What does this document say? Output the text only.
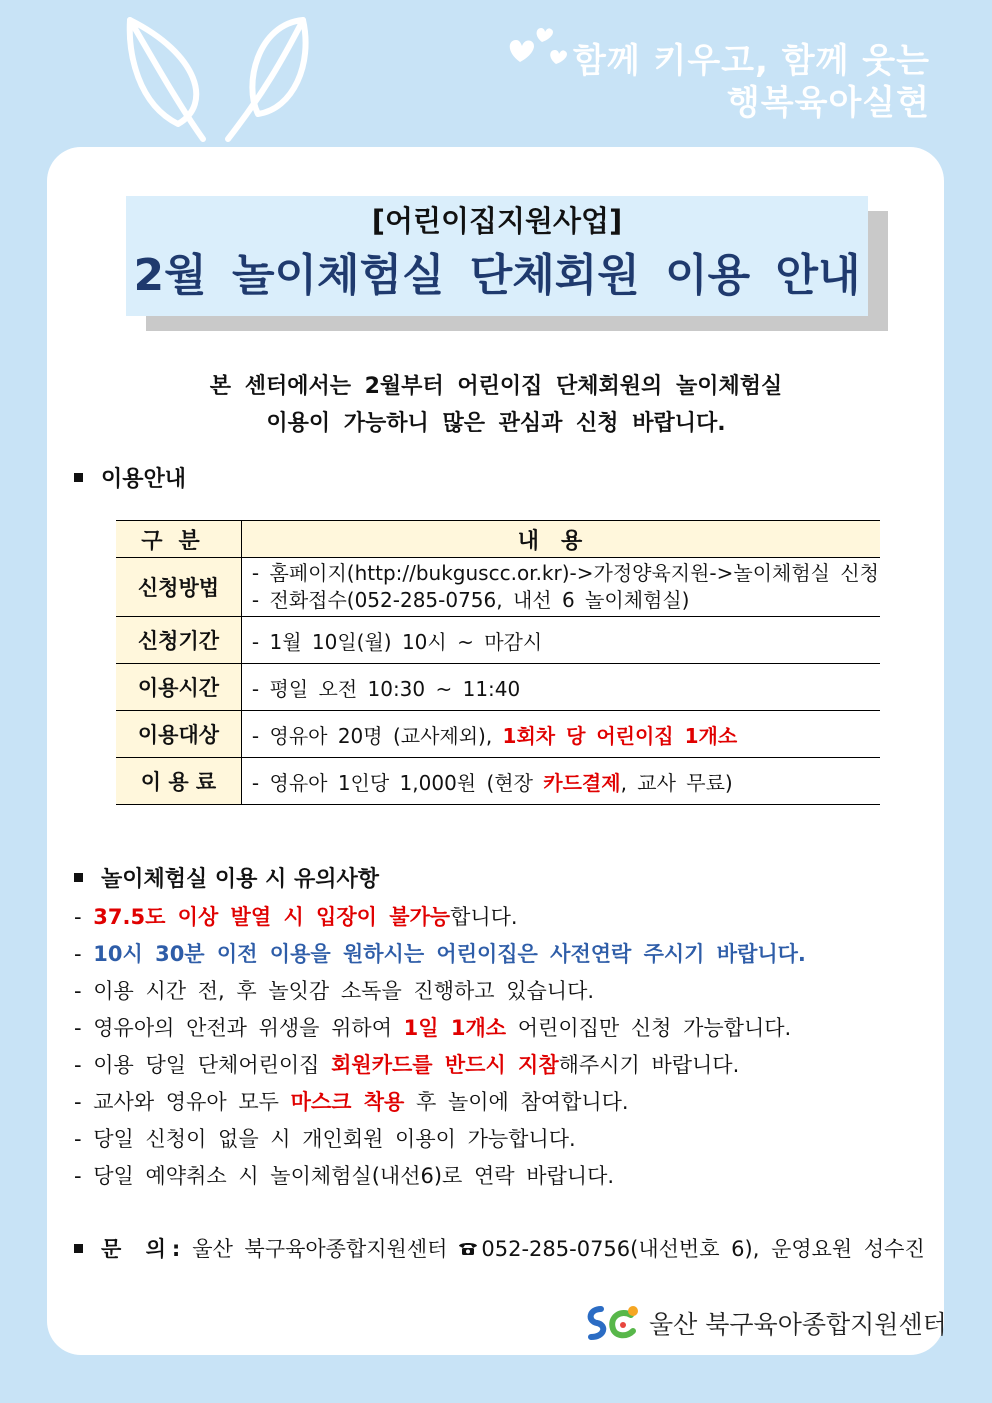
함께 키우고, 함께 웃는
행복육아실현
[어린이집지원사업]
2월 놀이체험실 단체회원 이용 안내
본 센터에서는 2월부터 어린이집 단체회원의 놀이체험실
이용이 가능하니 많은 관심과 신청 바랍니다.
이용안내
구분	내용
신청방법	- 홈페이지(http://bukguscc.or.kr)->가정양육지원->놀이체험실 신청
- 전화접수(052-285-0756, 내선 6 놀이체험실)

신청기간	- 1월 10일(월) 10시 ~ 마감시
이용시간	- 평일 오전 10:30 ~ 11:40
이용대상	- 영유아 20명 (교사제외), 1회차 당 어린이집 1개소
이 용 료	- 영유아 1인당 1,000원 (현장 카드결제, 교사 무료)
놀이체험실 이용 시 유의사항
- 37.5도 이상 발열 시 입장이 불가능합니다.
- 10시 30분 이전 이용을 원하시는 어린이집은 사전연락 주시기 바랍니다.
- 이용 시간 전, 후 놀잇감 소독을 진행하고 있습니다.
- 영유아의 안전과 위생을 위하여 1일 1개소 어린이집만 신청 가능합니다.
- 이용 당일 단체어린이집 회원카드를 반드시 지참해주시기 바랍니다.
- 교사와 영유아 모두 마스크 착용 후 놀이에 참여합니다.
- 당일 신청이 없을 시 개인회원 이용이 가능합니다.
- 당일 예약취소 시 놀이체험실(내선6)로 연락 바랍니다.
문 의: 울산 북구육아종합지원센터 052-285-0756(내선번호 6), 운영요원 성수진
울산 북구육아종합지원센터
